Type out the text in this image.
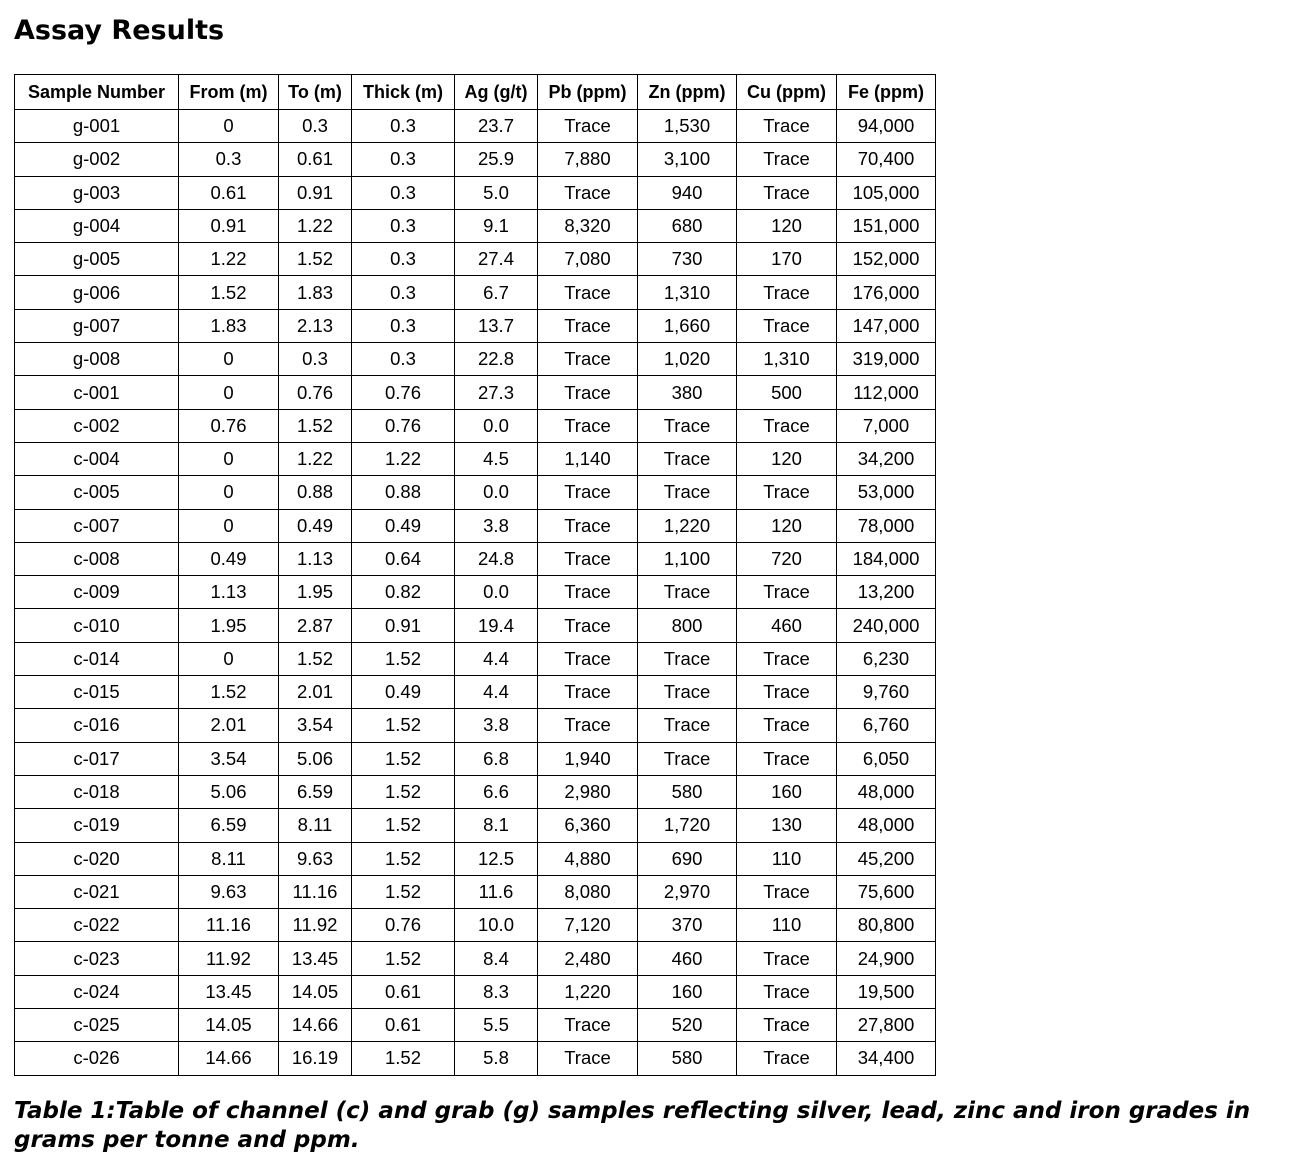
Assay Results
Sample Number	From (m)	To (m)	Thick (m)	Ag (g/t)	Pb (ppm)	Zn (ppm)	Cu (ppm)	Fe (ppm)
g-001	0	0.3	0.3	23.7	Trace	1,530	Trace	94,000
g-002	0.3	0.61	0.3	25.9	7,880	3,100	Trace	70,400
g-003	0.61	0.91	0.3	5.0	Trace	940	Trace	105,000
g-004	0.91	1.22	0.3	9.1	8,320	680	120	151,000
g-005	1.22	1.52	0.3	27.4	7,080	730	170	152,000
g-006	1.52	1.83	0.3	6.7	Trace	1,310	Trace	176,000
g-007	1.83	2.13	0.3	13.7	Trace	1,660	Trace	147,000
g-008	0	0.3	0.3	22.8	Trace	1,020	1,310	319,000
c-001	0	0.76	0.76	27.3	Trace	380	500	112,000
c-002	0.76	1.52	0.76	0.0	Trace	Trace	Trace	7,000
c-004	0	1.22	1.22	4.5	1,140	Trace	120	34,200
c-005	0	0.88	0.88	0.0	Trace	Trace	Trace	53,000
c-007	0	0.49	0.49	3.8	Trace	1,220	120	78,000
c-008	0.49	1.13	0.64	24.8	Trace	1,100	720	184,000
c-009	1.13	1.95	0.82	0.0	Trace	Trace	Trace	13,200
c-010	1.95	2.87	0.91	19.4	Trace	800	460	240,000
c-014	0	1.52	1.52	4.4	Trace	Trace	Trace	6,230
c-015	1.52	2.01	0.49	4.4	Trace	Trace	Trace	9,760
c-016	2.01	3.54	1.52	3.8	Trace	Trace	Trace	6,760
c-017	3.54	5.06	1.52	6.8	1,940	Trace	Trace	6,050
c-018	5.06	6.59	1.52	6.6	2,980	580	160	48,000
c-019	6.59	8.11	1.52	8.1	6,360	1,720	130	48,000
c-020	8.11	9.63	1.52	12.5	4,880	690	110	45,200
c-021	9.63	11.16	1.52	11.6	8,080	2,970	Trace	75,600
c-022	11.16	11.92	0.76	10.0	7,120	370	110	80,800
c-023	11.92	13.45	1.52	8.4	2,480	460	Trace	24,900
c-024	13.45	14.05	0.61	8.3	1,220	160	Trace	19,500
c-025	14.05	14.66	0.61	5.5	Trace	520	Trace	27,800
c-026	14.66	16.19	1.52	5.8	Trace	580	Trace	34,400

Table 1:Table of channel (c) and grab (g) samples reflecting silver, lead, zinc and iron grades in grams per tonne and ppm.
